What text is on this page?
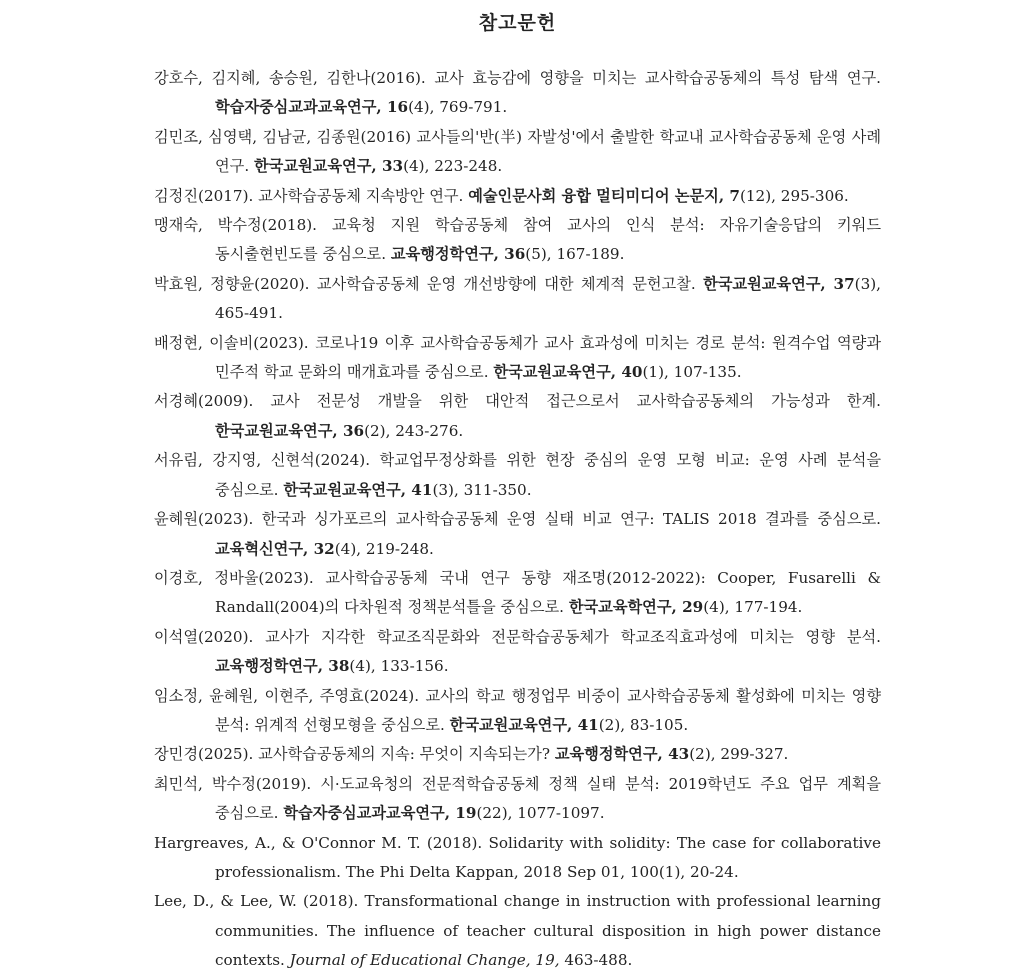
참고문헌
강호수, 김지혜, 송승원, 김한나(2016). 교사 효능감에 영향을 미치는 교사학습공동체의 특성 탐색 연구. 학습자중심교과교육연구, 16(4), 769-791.
김민조, 심영택, 김남균, 김종원(2016) 교사들의'반(半) 자발성'에서 출발한 학교내 교사학습공동체 운영 사례 연구. 한국교원교육연구, 33(4), 223-248.
김정진(2017). 교사학습공동체 지속방안 연구. 예술인문사회 융합 멀티미디어 논문지, 7(12), 295-306.
맹재숙, 박수정(2018). 교육청 지원 학습공동체 참여 교사의 인식 분석: 자유기술응답의 키워드 동시출현빈도를 중심으로. 교육행정학연구, 36(5), 167-189.
박효원, 정향윤(2020). 교사학습공동체 운영 개선방향에 대한 체계적 문헌고찰. 한국교원교육연구, 37(3), 465-491.
배정현, 이솔비(2023). 코로나19 이후 교사학습공동체가 교사 효과성에 미치는 경로 분석: 원격수업 역량과 민주적 학교 문화의 매개효과를 중심으로. 한국교원교육연구, 40(1), 107-135.
서경혜(2009). 교사 전문성 개발을 위한 대안적 접근으로서 교사학습공동체의 가능성과 한계. 한국교원교육연구, 36(2), 243-276.
서유림, 강지영, 신현석(2024). 학교업무정상화를 위한 현장 중심의 운영 모형 비교: 운영 사례 분석을 중심으로. 한국교원교육연구, 41(3), 311-350.
윤혜원(2023). 한국과 싱가포르의 교사학습공동체 운영 실태 비교 연구: TALIS 2018 결과를 중심으로. 교육혁신연구, 32(4), 219-248.
이경호, 정바울(2023). 교사학습공동체 국내 연구 동향 재조명(2012-2022): Cooper, Fusarelli & Randall(2004)의 다차원적 정책분석틀을 중심으로. 한국교육학연구, 29(4), 177-194.
이석열(2020). 교사가 지각한 학교조직문화와 전문학습공동체가 학교조직효과성에 미치는 영향 분석. 교육행정학연구, 38(4), 133-156.
임소정, 윤혜원, 이현주, 주영효(2024). 교사의 학교 행정업무 비중이 교사학습공동체 활성화에 미치는 영향 분석: 위계적 선형모형을 중심으로. 한국교원교육연구, 41(2), 83-105.
장민경(2025). 교사학습공동체의 지속: 무엇이 지속되는가? 교육행정학연구, 43(2), 299-327.
최민석, 박수정(2019). 시·도교육청의 전문적학습공동체 정책 실태 분석: 2019학년도 주요 업무 계획을 중심으로. 학습자중심교과교육연구, 19(22), 1077-1097.
Hargreaves, A., & O'Connor M. T. (2018). Solidarity with solidity: The case for collaborative professionalism. The Phi Delta Kappan, 2018 Sep 01, 100(1), 20-24.
Lee, D., & Lee, W. (2018). Transformational change in instruction with professional learning communities. The influence of teacher cultural disposition in high power distance contexts. Journal of Educational Change, 19, 463-488.
